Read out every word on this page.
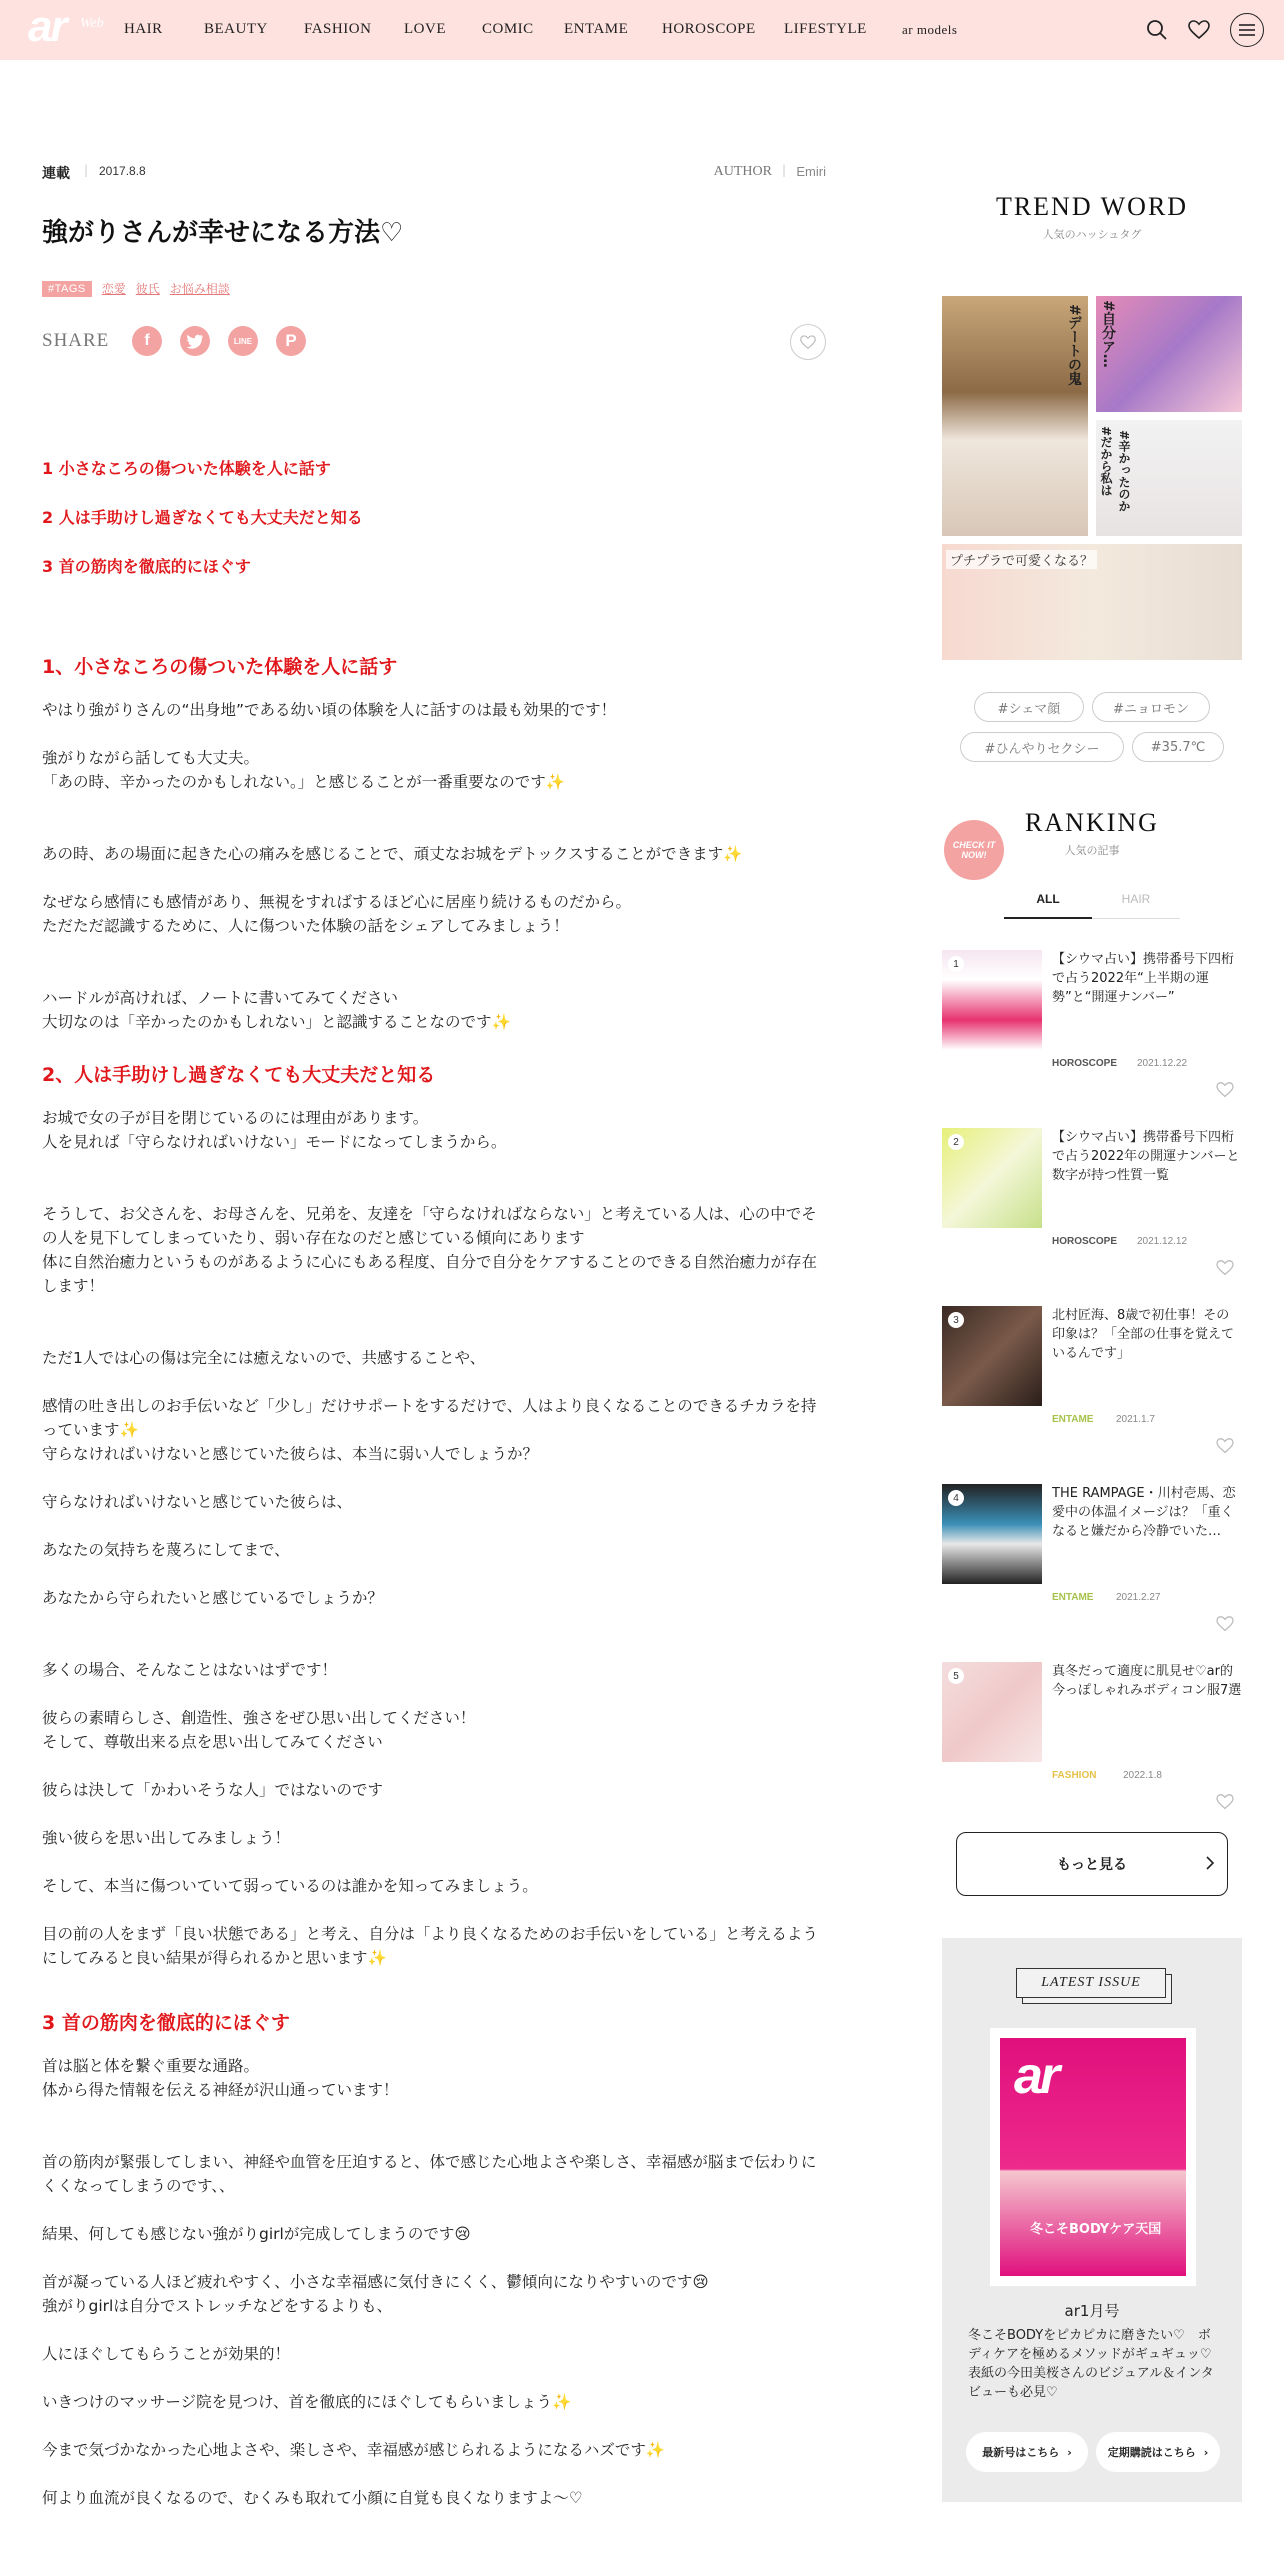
ar Web HAIR	BEAUTY FASHION LOVE COMIC ENTAME HOROSCOPE LIFESTYLE	ar models
連載 | 2017.8.8	AUTHOR | Emiri
強がりさんが幸せになる方法♡
#TAGS	恋愛 彼氏 お悩み相談
SHARE	f	LINE	P
1 小さなころの傷ついた体験を人に話す
2 人は手助けし過ぎなくても大丈夫だと知る
3 首の筋肉を徹底的にほぐす
1、小さなころの傷ついた体験を人に話す
やはり強がりさんの“出身地”である幼い頃の体験を人に話すのは最も効果的です！
強がりながら話しても大丈夫。
「あの時、辛かったのかもしれない。」と感じることが一番重要なのです✨
あの時、あの場面に起きた心の痛みを感じることで、頑丈なお城をデトックスすることができます✨
なぜなら感情にも感情があり、無視をすればするほど心に居座り続けるものだから。
ただただ認識するために、人に傷ついた体験の話をシェアしてみましょう！
ハードルが高ければ、ノートに書いてみてください
大切なのは「辛かったのかもしれない」と認識することなのです✨
2、人は手助けし過ぎなくても大丈夫だと知る
お城で女の子が目を閉じているのには理由があります。
人を見れば「守らなければいけない」モードになってしまうから。
そうして、お父さんを、お母さんを、兄弟を、友達を「守らなければならない」と考えている人は、心の中でその人を見下してしまっていたり、弱い存在なのだと感じている傾向にあります
体に自然治癒力というものがあるように心にもある程度、自分で自分をケアすることのできる自然治癒力が存在します！
ただ1人では心の傷は完全には癒えないので、共感することや、
感情の吐き出しのお手伝いなど「少し」だけサポートをするだけで、人はより良くなることのできるチカラを持っています✨
守らなければいけないと感じていた彼らは、本当に弱い人でしょうか？
守らなければいけないと感じていた彼らは、
あなたの気持ちを蔑ろにしてまで、
あなたから守られたいと感じているでしょうか？
多くの場合、そんなことはないはずです！
彼らの素晴らしさ、創造性、強さをぜひ思い出してください！
そして、尊敬出来る点を思い出してみてください
彼らは決して「かわいそうな人」ではないのです
強い彼らを思い出してみましょう！
そして、本当に傷ついていて弱っているのは誰かを知ってみましょう。
目の前の人をまず「良い状態である」と考え、自分は「より良くなるためのお手伝いをしている」と考えるようにしてみると良い結果が得られるかと思います✨
3 首の筋肉を徹底的にほぐす
首は脳と体を繋ぐ重要な通路。
体から得た情報を伝える神経が沢山通っています！
首の筋肉が緊張してしまい、神経や血管を圧迫すると、体で感じた心地よさや楽しさ、幸福感が脳まで伝わりにくくなってしまうのです、、
結果、何しても感じない強がりgirlが完成してしまうのです😢
首が凝っている人ほど疲れやすく、小さな幸福感に気付きにくく、鬱傾向になりやすいのです😢
強がりgirlは自分でストレッチなどをするよりも、
人にほぐしてもらうことが効果的！
いきつけのマッサージ院を見つけ、首を徹底的にほぐしてもらいましょう✨
今まで気づかなかった心地よさや、楽しさや、幸福感が感じられるようになるハズです✨
何より血流が良くなるので、むくみも取れて小顔に自覚も良くなりますよ～♡
TREND WORD
人気のハッシュタグ
#デートの鬼 #自分ア…
#だから私は #辛かったのか
プチプラで可愛くなる？
#シェマ顔	#ニョロモン
#ひんやりセクシー	#35.7℃
CHECK IT NOW!
RANKING
人気の記事
ALL	HAIR
1	【シウマ占い】携帯番号下四桁で占う2022年“上半期の運勢”と“開運ナンバー”
HOROSCOPE 2021.12.22
2	【シウマ占い】携帯番号下四桁で占う2022年の開運ナンバーと数字が持つ性質一覧
HOROSCOPE 2021.12.12
3	北村匠海、8歳で初仕事！その印象は？「全部の仕事を覚えているんです」
ENTAME 2021.1.7
4	THE RAMPAGE・川村壱馬、恋愛中の体温イメージは？「重くなると嫌だから冷静でいた…
ENTAME 2021.2.27
5	真冬だって適度に肌見せ♡ar的今っぽしゃれみボディコン服7選
FASHION	2022.1.8
もっと見る
LATEST ISSUE
ar
冬こそBODYケア天国
ar1月号
冬こそBODYをピカピカに磨きたい♡　ボディケアを極めるメソッドがギュギュッ♡ 表紙の今田美桜さんのビジュアル＆インタビューも必見♡
最新号はこちら ›	定期購読はこちら ›
